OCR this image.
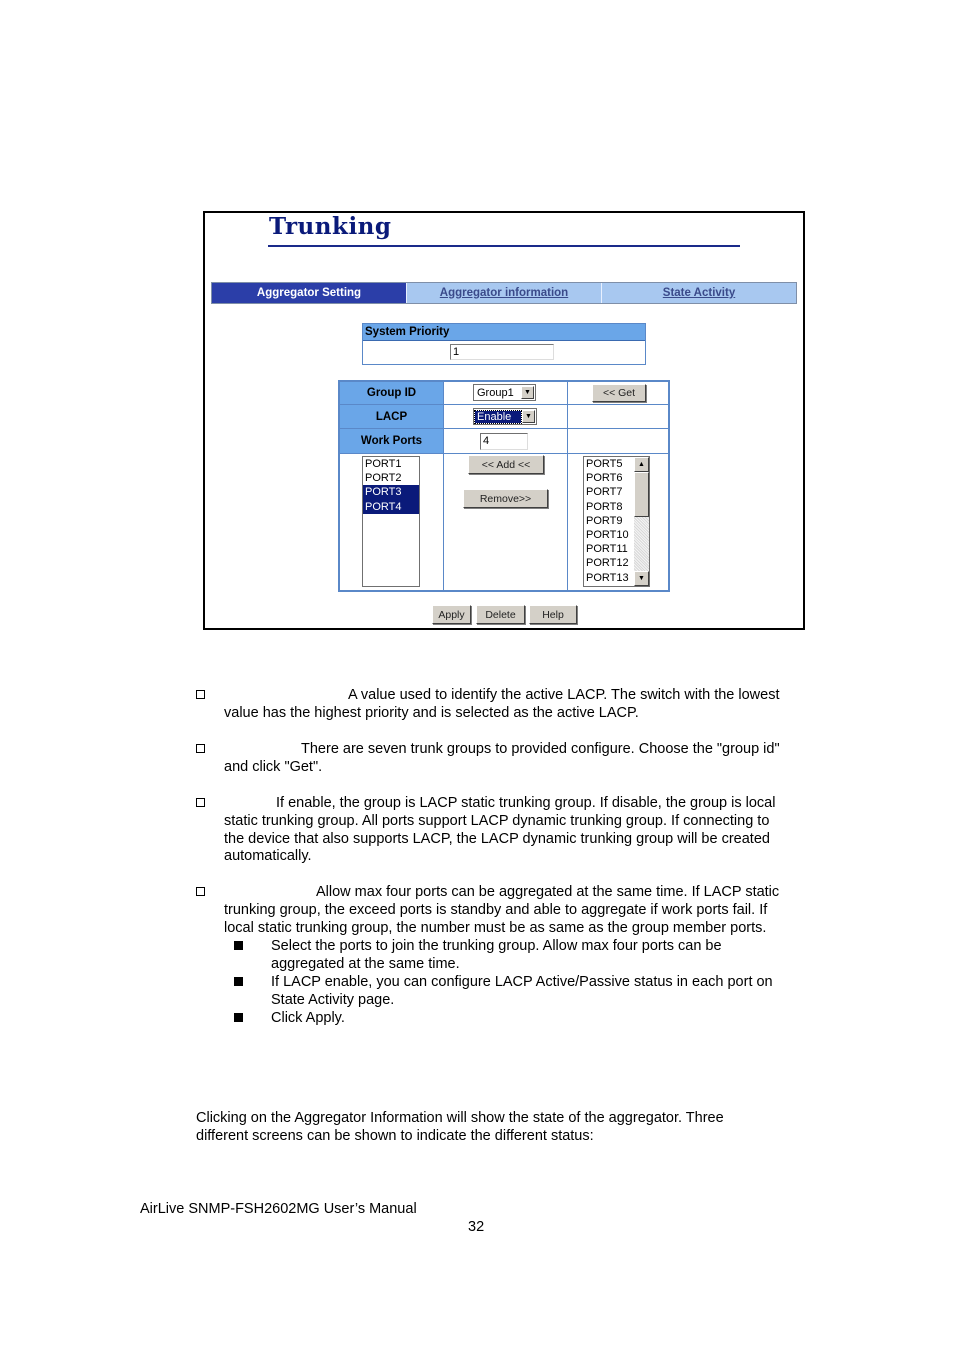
Trunking
Aggregator Setting	Aggregator information	State Activity
System Priority
1
Group ID	Group1	▼	<< Get
LACP	Enable	▼
Work Ports	4
PORT1
PORT2
PORT3
PORT4
<< Add <<
Remove>>
PORT5
PORT6
PORT7
PORT8
PORT9
PORT10
PORT11
PORT12
PORT13
▲
▼
Apply	Delete	Help
A value used to identify the active LACP. The switch with the lowest
value has the highest priority and is selected as the active LACP.
There are seven trunk groups to provided configure. Choose the "group id"
and click "Get".
If enable, the group is LACP static trunking group. If disable, the group is local
static trunking group. All ports support LACP dynamic trunking group. If connecting to
the device that also supports LACP, the LACP dynamic trunking group will be created
automatically.
Allow max four ports can be aggregated at the same time. If LACP static
trunking group, the exceed ports is standby and able to aggregate if work ports fail. If
local static trunking group, the number must be as same as the group member ports.
Select the ports to join the trunking group. Allow max four ports can be
aggregated at the same time.
If LACP enable, you can configure LACP Active/Passive status in each port on
State Activity page.
Click Apply.
Clicking on the Aggregator Information will show the state of the aggregator. Three
different screens can be shown to indicate the different status:
AirLive SNMP-FSH2602MG User’s Manual
32
